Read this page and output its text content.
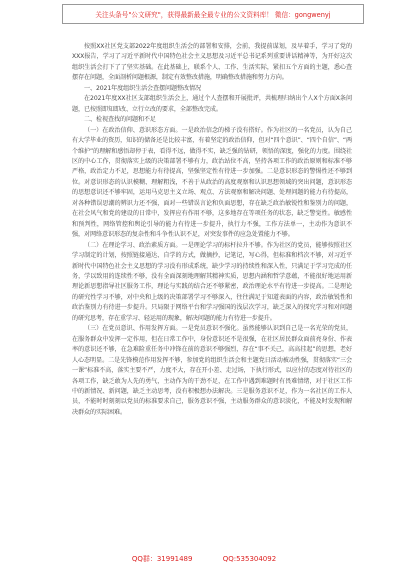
关注头条号"公文研究"，获得最新最全最专业的公文资料库！ 微信：gongwenyj

按照XX社区党支部2022年度组织生活会的部署和安排，会前，我提前谋划，及早着手，学习了党的XXX报告，学习了习近平新时代中国特色社会主义思想及习近平总书记系列重要讲话精神等，为开好这次组织生活会打下了了坚实基础。在此基础上，联系个人、工作、生活实际，紧扣五个方面的主题，悉心查摆存在问题，全面剖析问题根源，制定有效整改措施，明确整改措施和努力方向。

一、2021年度组织生活会查摆问题整改情况

在2021年度XX社区支部组织生活会上，通过个人查摆和开展批评，共梳理归纳出个人X个方面X条问题，已按照即知即改、立行立改的要求，全部整改完成。

二、检视查找的问题和不足

（一）在政治信仰、意识形态方面。一是政治信念的梯子没有搭好。作为社区的一名党员，认为自己有大学毕业的资历，知识的储备还是比较丰富，有着坚定的政治信仰，但对“四个意识”、“四个自信”、“两个维护”的理解和感悟却停于表，看得不远，做得不实，缺乏强的钻研，领悟的深度，强化的力度。围绕社区的中心工作，贯彻落实上级的决策部署不够有力，政治站位不高，坚持各项工作的政治原则和标准不够严格，政治定力不足，思想能力有待提高，坚强坚定性有待进一步加强。二是意识形态的警惕性还不够到位。对意识形态的认识模糊、理解粗浅，不善于从政治的高度观察和认识思想领域的突出问题，意识形态的思想意识还不够牢固，运用马克思主义立场、观点、方法观察和解决问题、处理问题的能力有待提高，对各种错误思潮的辨识力还不强，面对一些错误言论和负面思想，存在缺乏政治敏锐性和鉴别力的问题，在社会风气和党的建设的日常中，发挥应有作用不够，这多地存在等项任务的状态，缺乏警觉性。敏感性和预判性，网络管控和舆论引导的能力有待进一步提升，执行力不强，工作方法单一，主动作为意识不强，对网络意识形态的复杂性和斗争性认识不足，对突发事件的应急处置能力不够。

（二）在理论学习、政治素质方面。一是理论学习的标杆拉升不够。作为社区的党员，能够按照社区学习制定的计划，按照链接通达、自学的方式，做摘抄，记笔记，写心得，但标准和档次不够，对习近平新时代中国特色社会主义思想的学习没有形成系统，缺少学习的持续性和深入性，只满足于学习完成的任务，学以致用的连续性不够，没有全面深刻地理解其精神实质，思想内涵和哲学意蕴，不能很好地运用新理论新思想指导社区服务工作，理论与实践的结合还不够紧密，政治理论水平有待进一步提高。二是理论的研究性学习不够，对中央和上级的决策部署学习不够深入，往往满足于知道表面的内容，政治敏锐性和政治鉴别力有待进一步提升。只局限于网络平台和学习强国的浅层次学习，缺乏深入的探究学习和对问题的研究思考，存在重学习、轻运用的现象，解决问题的能力有待进一步提升。

（三）在党员意识、作用发挥方面。一是党员意识不强化。虽然能够认识到自己是一名光荣的党员，在服务群众中发挥一定作用，但在日常工作中，身份意识还不是很强，在社区居民群众面前亮身份、作表率的意识还不够，在急难险重任务中冲锋在前的意识不够强烈，存在“事不关己，高高挂起”的思想，老好人心态明显。二是先锋模范作用发挥不够，参加党的组织生活会和主题党日活动被动性强，贯彻落实“三会一课”标准不高，落实主要不严，力度不大，存在开小差、走过场，下执行形式，以应付的态度对待社区的各项工作，缺乏敢为人先的勇气，主动作为的干劲不足，在工作中遇到难题时有畏难情绪，对于社区工作中的新情况、新问题，缺乏主动思考，没有积极想办法解决。三是服务意识不足，作为一名社区的工作人员，不能时时刻刻以党员的标准要求自己，服务意识不强，主动服务群众的意识淡化，不能及时发现和解决群众的实际困难。

QQ群：31991489	QQ:535304092
